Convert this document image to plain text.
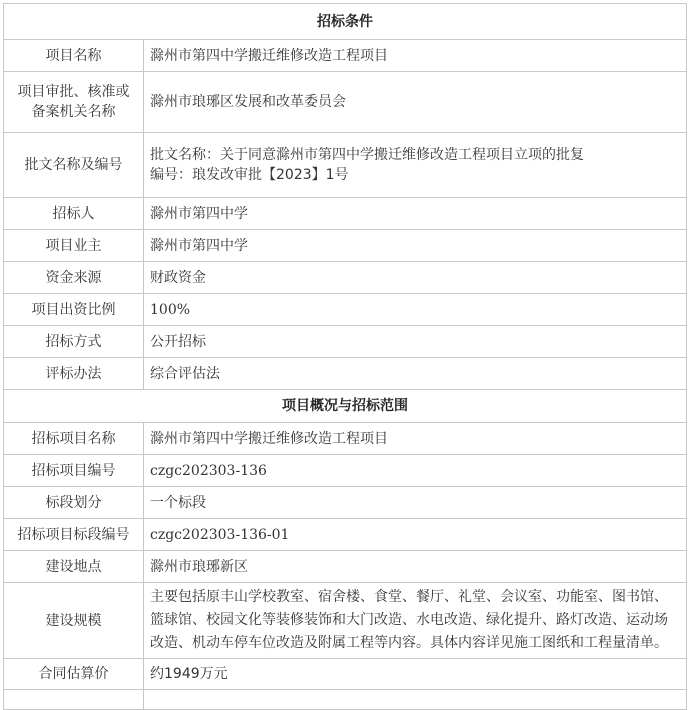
招标条件	
项目名称	滁州市第四中学搬迁维修改造工程项目

项目审批、核准或
备案机关名称	滁州市琅琊区发展和改革委员会
批文名称及编号	批文名称：关于同意滁州市第四中学搬迁维修改造工程项目立项的批复
编号：琅发改审批【2023】1号

招标人	滁州市第四中学
项目业主	滁州市第四中学
资金来源	财政资金
项目出资比例	100%
招标方式	公开招标
评标办法	综合评估法
项目概况与招标范围	
招标项目名称	滁州市第四中学搬迁维修改造工程项目
招标项目编号	czgc202303-136
标段划分	一个标段
招标项目标段编号	czgc202303-136-01
建设地点	滁州市琅琊新区
建设规模	主要包括原丰山学校教室、宿舍楼、食堂、餐厅、礼堂、会议室、功能室、图书馆、篮球馆、校园文化等装修装饰和大门改造、水电改造、绿化提升、路灯改造、运动场改造、机动车停车位改造及附属工程等内容。具体内容详见施工图纸和工程量清单。
合同估算价	约1949万元
